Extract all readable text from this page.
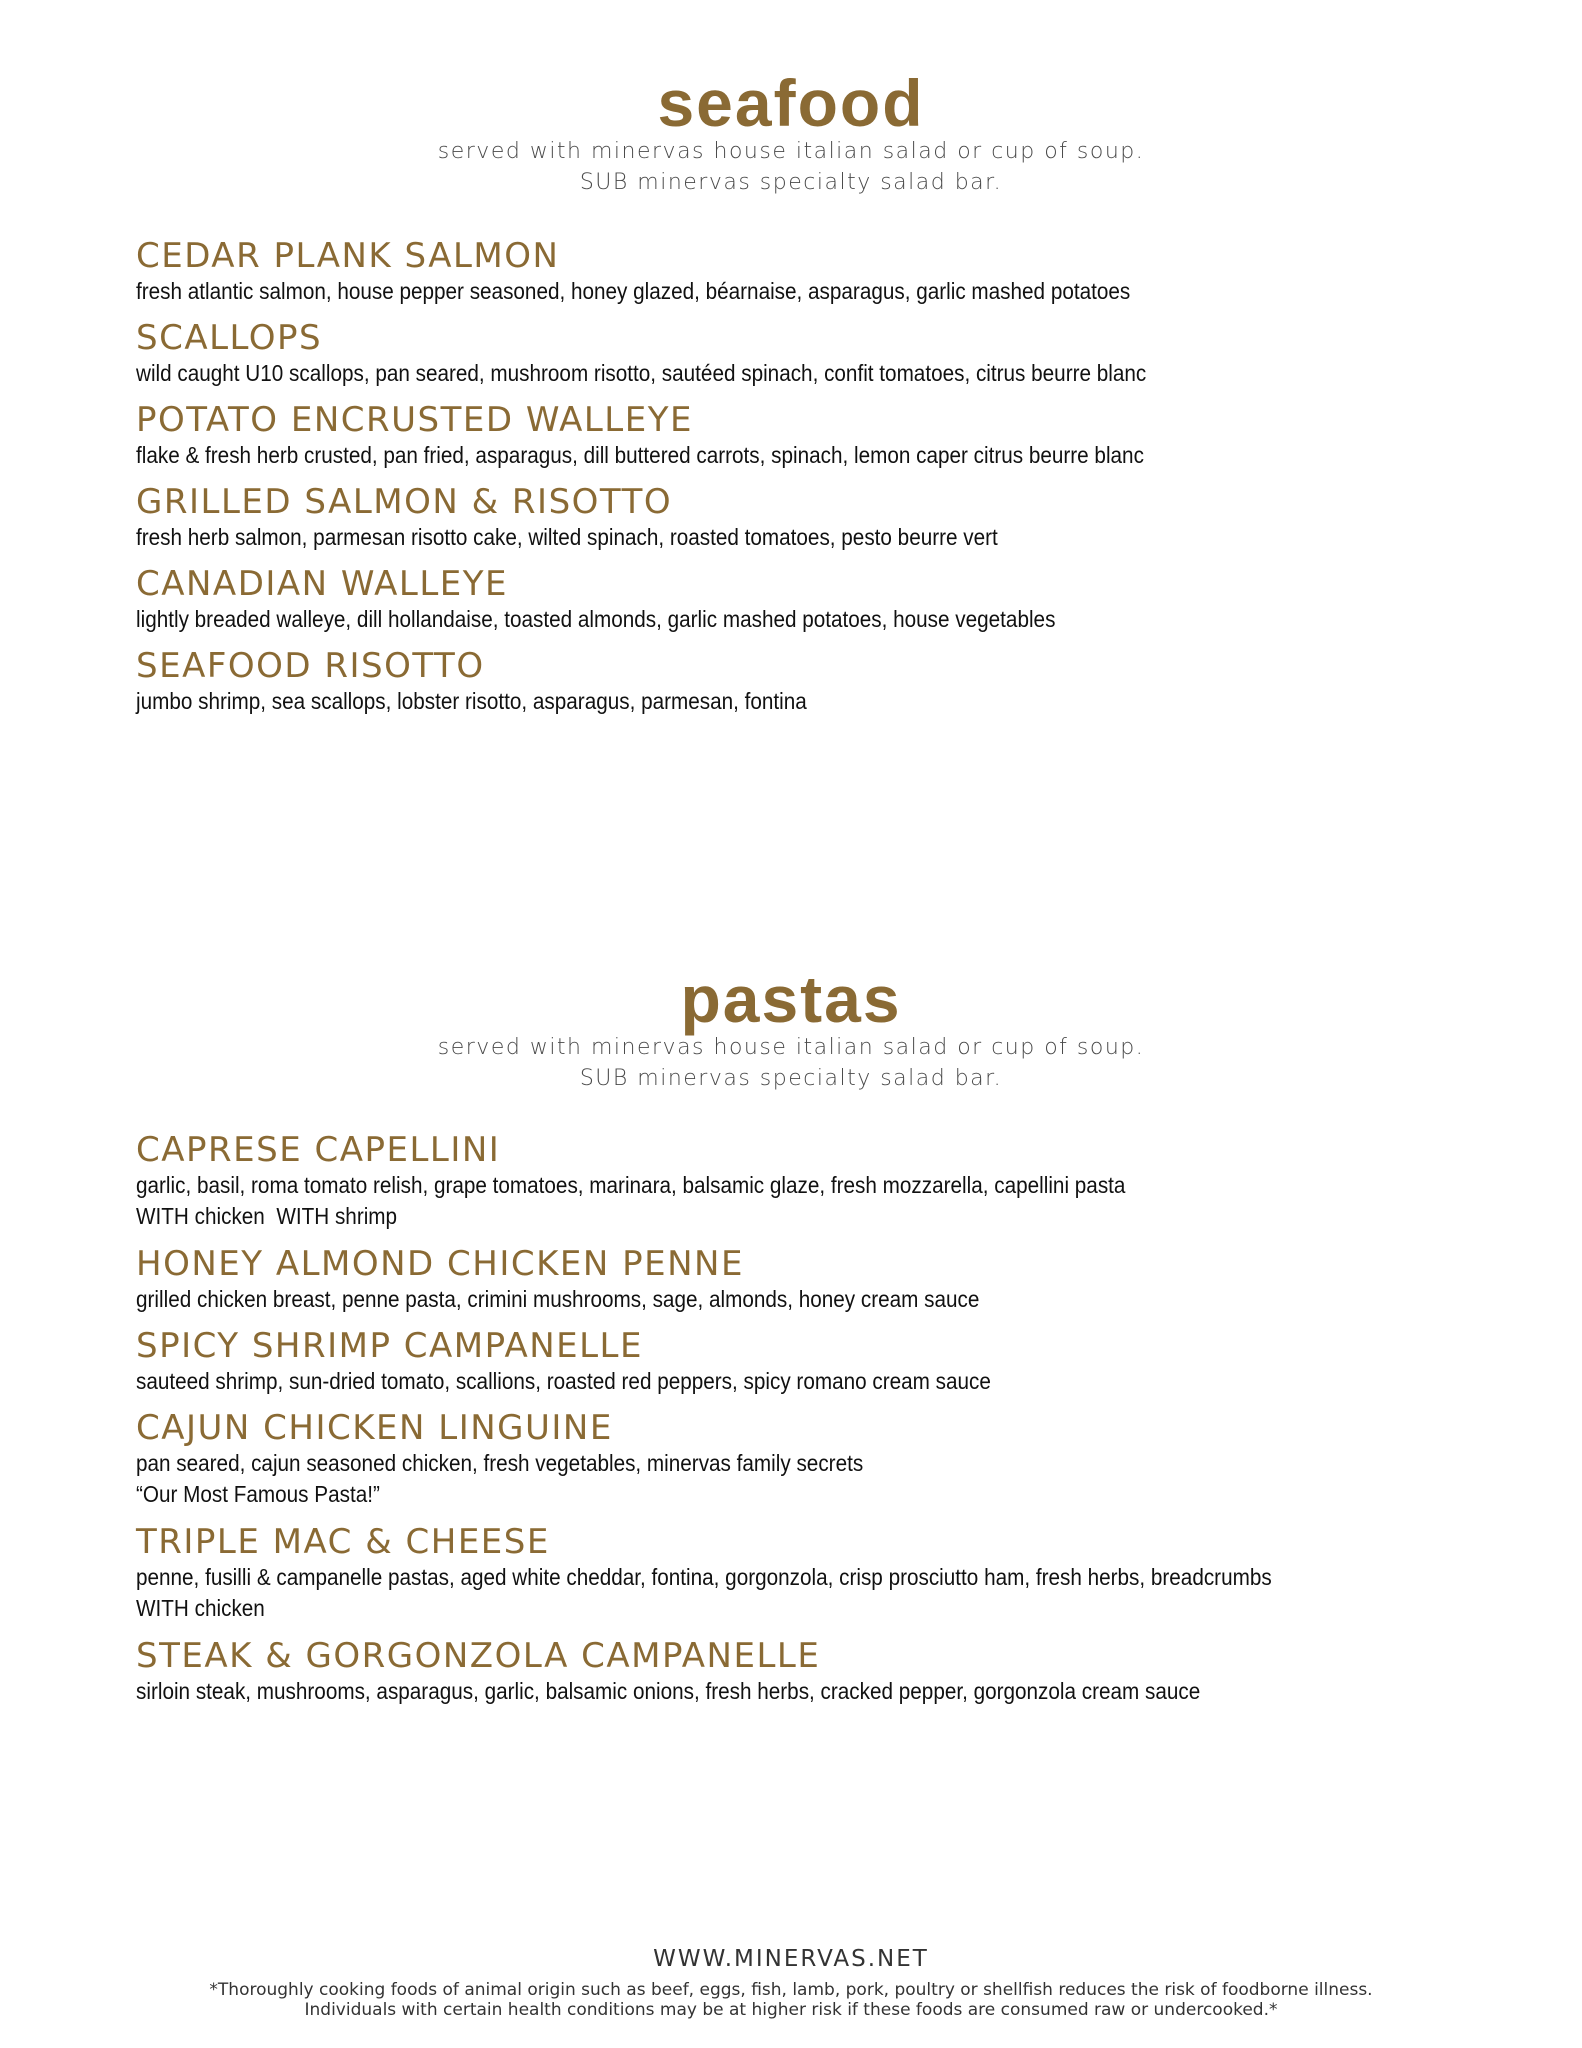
seafood

served with minervas house italian salad or cup of soup.

SUB minervas specialty salad bar.

CEDAR PLANK SALMON
fresh atlantic salmon, house pepper seasoned, honey glazed, béarnaise, asparagus, garlic mashed potatoes
SCALLOPS
wild caught U10 scallops, pan seared, mushroom risotto, sautéed spinach, confit tomatoes, citrus beurre blanc
POTATO ENCRUSTED WALLEYE
flake & fresh herb crusted, pan fried, asparagus, dill buttered carrots, spinach, lemon caper citrus beurre blanc
GRILLED SALMON & RISOTTO
fresh herb salmon, parmesan risotto cake, wilted spinach, roasted tomatoes, pesto beurre vert
CANADIAN WALLEYE
lightly breaded walleye, dill hollandaise, toasted almonds, garlic mashed potatoes, house vegetables
SEAFOOD RISOTTO
jumbo shrimp, sea scallops, lobster risotto, asparagus, parmesan, fontina
pastas

served with minervas house italian salad or cup of soup.

SUB minervas specialty salad bar.

CAPRESE CAPELLINI
garlic, basil, roma tomato relish, grape tomatoes, marinara, balsamic glaze, fresh mozzarella, capellini pasta
WITH chicken  WITH shrimp
HONEY ALMOND CHICKEN PENNE
grilled chicken breast, penne pasta, crimini mushrooms, sage, almonds, honey cream sauce
SPICY SHRIMP CAMPANELLE
sauteed shrimp, sun-dried tomato, scallions, roasted red peppers, spicy romano cream sauce
CAJUN CHICKEN LINGUINE
pan seared, cajun seasoned chicken, fresh vegetables, minervas family secrets
“Our Most Famous Pasta!”
TRIPLE MAC & CHEESE
penne, fusilli & campanelle pastas, aged white cheddar, fontina, gorgonzola, crisp prosciutto ham, fresh herbs, breadcrumbs
WITH chicken
STEAK & GORGONZOLA CAMPANELLE
sirloin steak, mushrooms, asparagus, garlic, balsamic onions, fresh herbs, cracked pepper, gorgonzola cream sauce
WWW.MINERVAS.NET
*Thoroughly cooking foods of animal origin such as beef, eggs, fish, lamb, pork, poultry or shellfish reduces the risk of foodborne illness.
Individuals with certain health conditions may be at higher risk if these foods are consumed raw or undercooked.*
